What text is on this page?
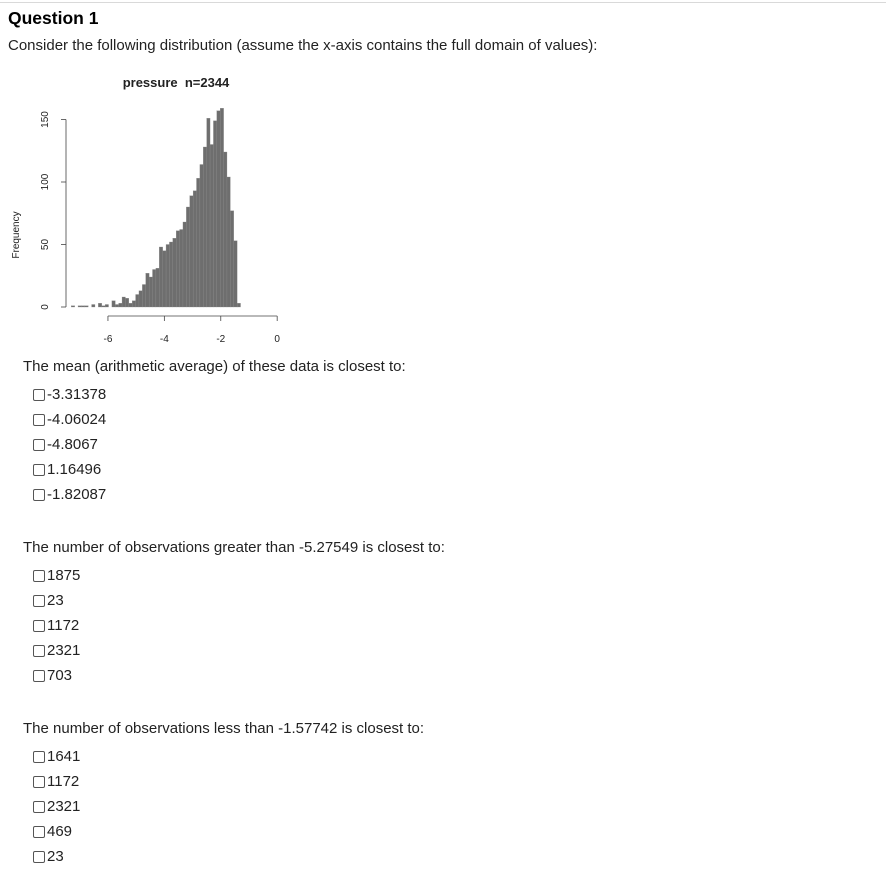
Question 1
Consider the following distribution (assume the x-axis contains the full domain of values):
pressure  n=2344
Frequency
0
50
100
150
-6	-4	-2	0
The mean (arithmetic average) of these data is closest to:
-3.31378
-4.06024
-4.8067
1.16496
-1.82087
The number of observations greater than -5.27549 is closest to:
1875
23
1172
2321
703
The number of observations less than -1.57742 is closest to:
1641
1172
2321
469
23
